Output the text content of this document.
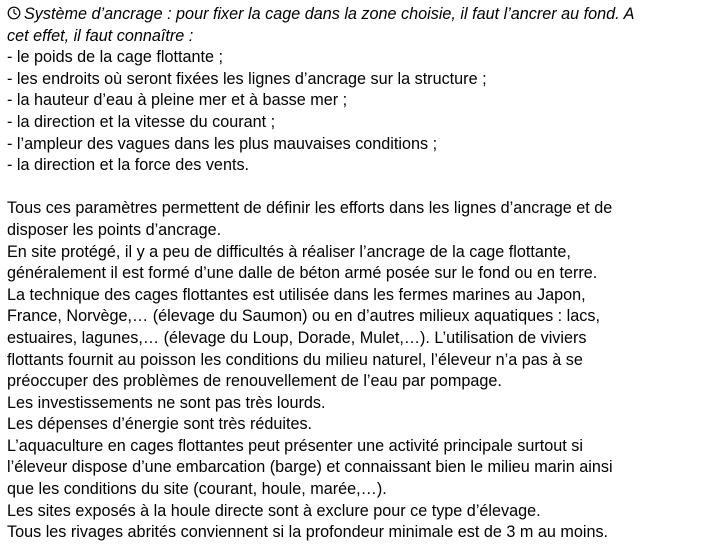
Système d’ancrage : pour fixer la cage dans la zone choisie, il faut l’ancrer au fond. A
cet effet, il faut connaître :
- le poids de la cage flottante ;
- les endroits où seront fixées les lignes d’ancrage sur la structure ;
- la hauteur d’eau à pleine mer et à basse mer ;
- la direction et la vitesse du courant ;
- l’ampleur des vagues dans les plus mauvaises conditions ;
- la direction et la force des vents.
Tous ces paramètres permettent de définir les efforts dans les lignes d’ancrage et de
disposer les points d’ancrage.
En site protégé, il y a peu de difficultés à réaliser l’ancrage de la cage flottante,
généralement il est formé d’une dalle de béton armé posée sur le fond ou en terre.
La technique des cages flottantes est utilisée dans les fermes marines au Japon,
France, Norvège,… (élevage du Saumon) ou en d’autres milieux aquatiques : lacs,
estuaires, lagunes,… (élevage du Loup, Dorade, Mulet,…). L’utilisation de viviers
flottants fournit au poisson les conditions du milieu naturel, l’éleveur n’a pas à se
préoccuper des problèmes de renouvellement de l’eau par pompage.
Les investissements ne sont pas très lourds.
Les dépenses d’énergie sont très réduites.
L’aquaculture en cages flottantes peut présenter une activité principale surtout si
l’éleveur dispose d’une embarcation (barge) et connaissant bien le milieu marin ainsi
que les conditions du site (courant, houle, marée,…).
Les sites exposés à la houle directe sont à exclure pour ce type d’élevage.
Tous les rivages abrités conviennent si la profondeur minimale est de 3 m au moins.
